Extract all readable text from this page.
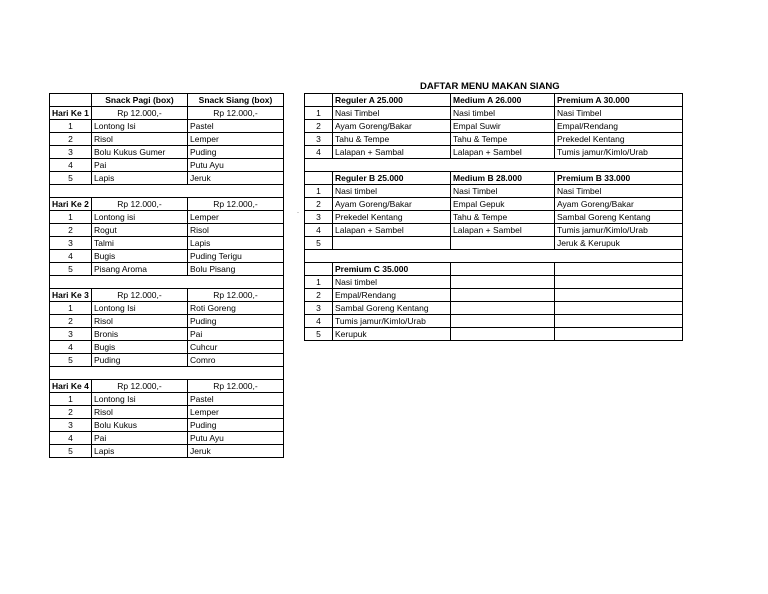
DAFTAR MENU MAKAN SIANG
·
	Snack Pagi (box)	Snack Siang (box)
Hari Ke 1	Rp 12.000,-	Rp 12.000,-
1	Lontong Isi	Pastel
2	Risol	Lemper
3	Bolu Kukus Gumer	Puding
4	Pai	Putu Ayu
5	Lapis	Jeruk

Hari Ke 2	Rp 12.000,-	Rp 12.000,-
1	Lontong isi	Lemper
2	Rogut	Risol
3	Talmi	Lapis
4	Bugis	Puding Terigu
5	Pisang Aroma	Bolu Pisang

Hari Ke 3	Rp 12.000,-	Rp 12.000,-
1	Lontong Isi	Roti Goreng
2	Risol	Puding
3	Bronis	Pai
4	Bugis	Cuhcur
5	Puding	Comro

Hari Ke 4	Rp 12.000,-	Rp 12.000,-
1	Lontong Isi	Pastel
2	Risol	Lemper
3	Bolu Kukus	Puding
4	Pai	Putu Ayu
5	Lapis	Jeruk
	Reguler A 25.000	Medium A 26.000	Premium A 30.000
1	Nasi Timbel	Nasi timbel	Nasi Timbel
2	Ayam Goreng/Bakar	Empal Suwir	Empal/Rendang
3	Tahu & Tempe	Tahu & Tempe	Prekedel Kentang
4	Lalapan + Sambal	Lalapan + Sambel	Tumis jamur/Kimlo/Urab

	Reguler B 25.000	Medium B 28.000	Premium B 33.000
1	Nasi timbel	Nasi Timbel	Nasi Timbel
2	Ayam Goreng/Bakar	Empal Gepuk	Ayam Goreng/Bakar
3	Prekedel Kentang	Tahu & Tempe	Sambal Goreng Kentang
4	Lalapan + Sambel	Lalapan + Sambel	Tumis jamur/Kimlo/Urab
5			Jeruk & Kerupuk

	Premium C 35.000		
1	Nasi timbel		
2	Empal/Rendang		
3	Sambal Goreng Kentang		
4	Tumis jamur/Kimlo/Urab		
5	Kerupuk		
